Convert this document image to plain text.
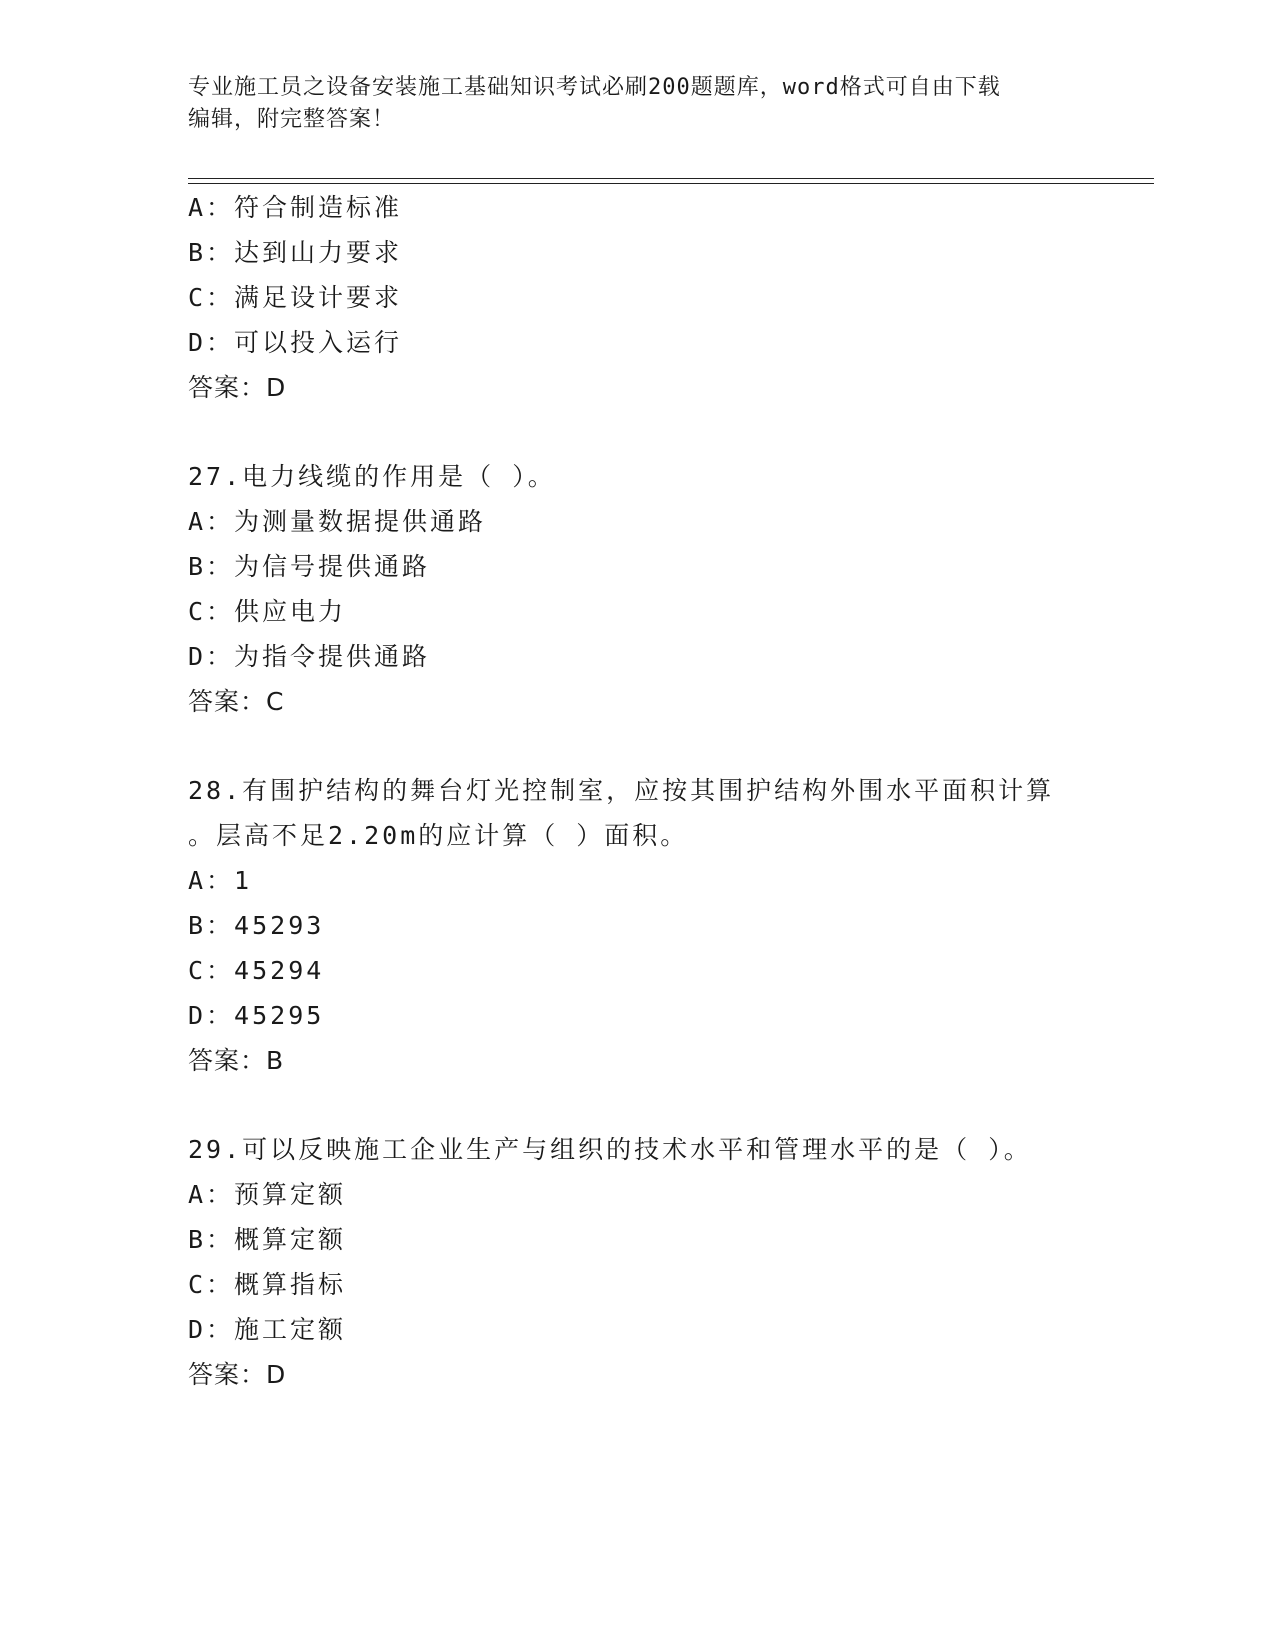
专业施工员之设备安装施工基础知识考试必刷200题题库，word格式可自由下载
编辑，附完整答案！
A：符合制造标准
B：达到山力要求
C：满足设计要求
D：可以投入运行
答案：D
27.电力线缆的作用是（ ）。
A：为测量数据提供通路
B：为信号提供通路
C：供应电力
D：为指令提供通路
答案：C
28.有围护结构的舞台灯光控制室，应按其围护结构外围水平面积计算
。层高不足2.20m的应计算（ ）面积。
A：1
B：45293
C：45294
D：45295
答案：B
29.可以反映施工企业生产与组织的技术水平和管理水平的是（ ）。
A：预算定额
B：概算定额
C：概算指标
D：施工定额
答案：D
